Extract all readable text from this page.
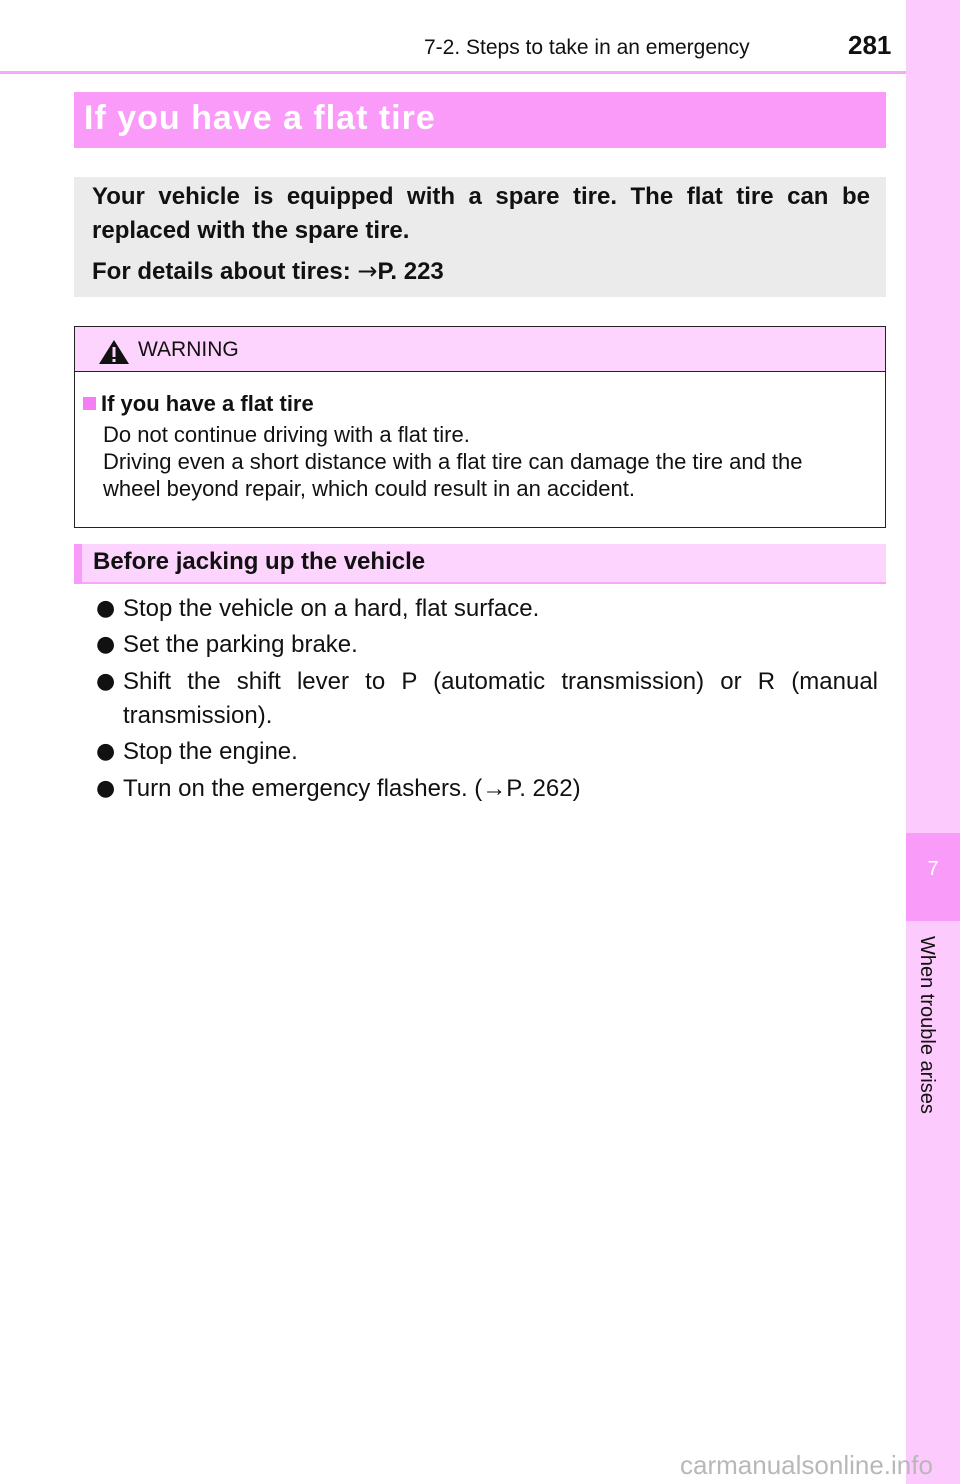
7-2. Steps to take in an emergency	281
7
When trouble arises
If you have a flat tire

Your vehicle is equipped with a spare tire. The flat tire can be replaced with the spare tire.

For details about tires: →P. 223
WARNING
If you have a flat tire
Do not continue driving with a flat tire.
Driving even a short distance with a flat tire can damage the tire and the
wheel beyond repair, which could result in an accident.
Before jacking up the vehicle
● Stop the vehicle on a hard, flat surface.
● Set the parking brake.
● Shift the shift lever to P (automatic transmission) or R (manual transmission).
● Stop the engine.
● Turn on the emergency flashers. (→P. 262)
carmanualsonline.info
